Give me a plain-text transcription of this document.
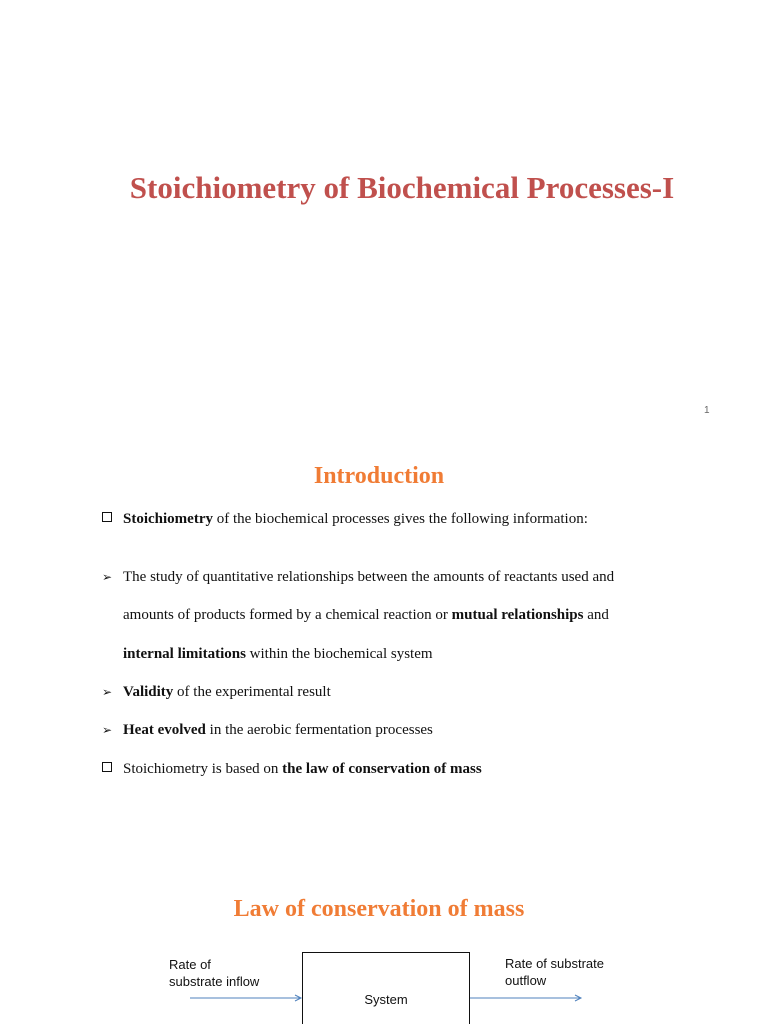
Stoichiometry of Biochemical Processes-I
1
Introduction
Stoichiometry of the biochemical processes gives the following information:
➢ The study of quantitative relationships between the amounts of reactants used and
amounts of products formed by a chemical reaction or mutual relationships and
internal limitations within the biochemical system
➢ Validity of the experimental result
➢ Heat evolved in the aerobic fermentation processes
Stoichiometry is based on the law of conservation of mass
Law of conservation of mass
Rate of
substrate inflow
Rate of substrate
outflow
System
